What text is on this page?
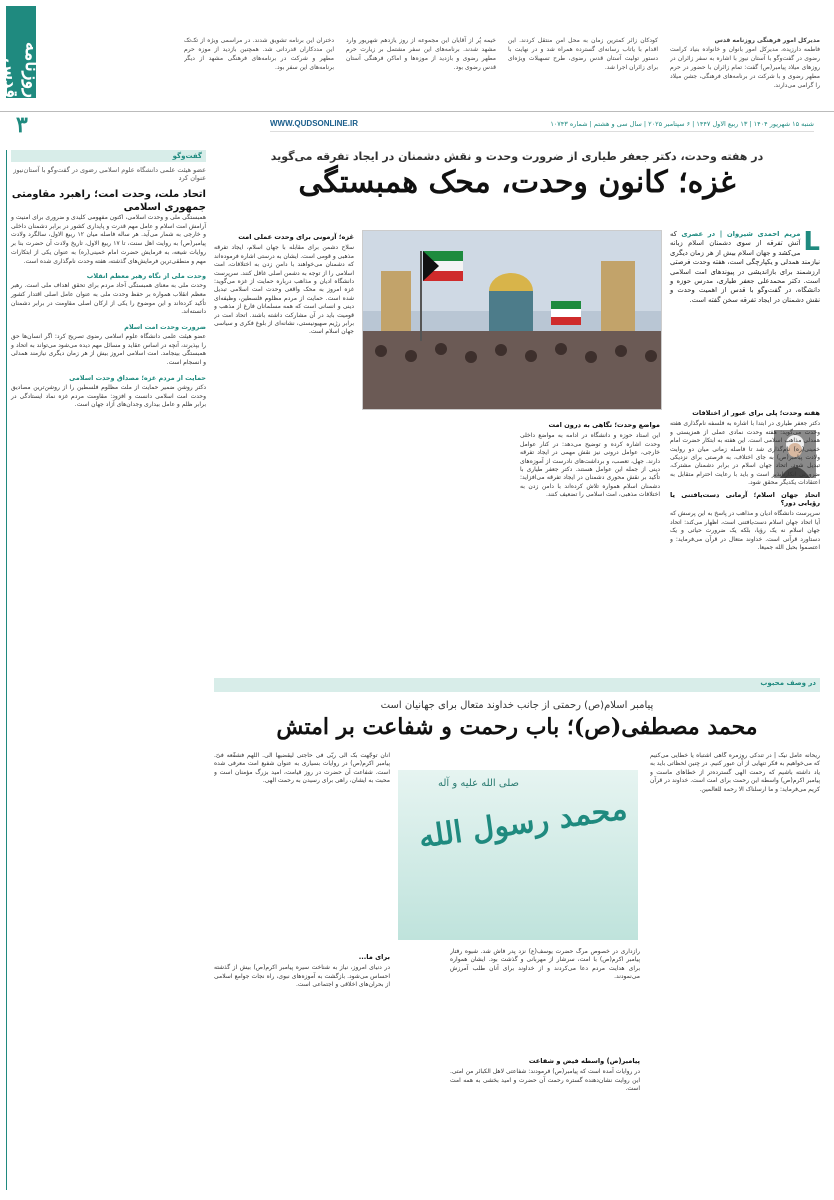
روزنامه قدس
مدیرکل امور فرهنگی روزنامه قدس
فاطمه دارزیده، مدیرکل امور بانوان و خانواده بنیاد کرامت رضوی در گفت‌وگو با آستان نیوز با اشاره به سفر زائران در روزهای میلاد پیامبر(ص) گفت: تمام زائران با حضور در حرم مطهر رضوی و با شرکت در برنامه‌های فرهنگی، جشن میلاد را گرامی می‌دارند.
کودکان زائر کمترین زمان به محل امن منتقل کردند. این اقدام با یاتاب رسانه‌ای گسترده همراه شد و در نهایت با دستور تولیت آستان قدس رضوی، طرح تسهیلات ویژه‌ای برای زائران اجرا شد.
خیمه پُر از آقایان این مجموعه از روز یازدهم شهریور وارد مشهد شدند. برنامه‌های این سفر مشتمل بر زیارت حرم مطهر رضوی و بازدید از موزه‌ها و اماکن فرهنگی آستان قدس رضوی بود.
دختران این برنامه تشویق شدند. در مراسمی ویژه از تک‌تک این مددکاران قدردانی شد. همچنین بازدید از موزه حرم مطهر و شرکت در برنامه‌های فرهنگی مشهد از دیگر برنامه‌های این سفر بود.
۳	شنبه ۱۵ شهریور ۱۴۰۴ | ۱۳ ربیع الاول ۱۴۴۷ | ۶ سپتامبر ۲۰۲۵ | سال سی و هشتم | شماره ۱۰۷۴۳
WWW.QUDSONLINE.IR
گفت‌وگو
عضو هیئت علمی دانشگاه علوم اسلامی رضوی در گفت‌وگو با آستان‌نیوز عنوان کرد
اتحاد ملت، وحدت امت؛ راهبرد مقاومتی جمهوری اسلامی

همبستگی ملی و وحدت اسلامی، اکنون مفهومی کلیدی و ضروری برای امنیت و آرامش امت اسلام و عامل مهم قدرت و پایداری کشور در برابر دشمنان داخلی و خارجی به شمار می‌آید. هر ساله فاصله میان ۱۲ ربیع الاول، سالگرد ولادت پیامبر(ص) به روایت اهل سنت، تا ۱۷ ربیع الاول، تاریخ ولادت آن حضرت بنا بر روایات شیعه، به فرمایش حضرت امام خمینی(ره) به عنوان یکی از ابتکارات مهم و منطقی‌ترین فرمایش‌های گذشته، هفته وحدت نام‌گذاری شده است.

وحدت ملی از نگاه رهبر معظم انقلاب

وحدت ملی به معنای همبستگی آحاد مردم برای تحقق اهداف ملی است. رهبر معظم انقلاب همواره بر حفظ وحدت ملی به عنوان عامل اصلی اقتدار کشور تأکید کرده‌اند و این موضوع را یکی از ارکان اصلی مقاومت در برابر دشمنان دانسته‌اند.

ضرورت وحدت امت اسلام

عضو هیئت علمی دانشگاه علوم اسلامی رضوی تصریح کرد: اگر انسان‌ها حق را بپذیرند، آنچه در اساس عقاید و مسائل مهم دیده می‌شود می‌تواند به اتحاد و همبستگی بینجامد. امت اسلامی امروز بیش از هر زمان دیگری نیازمند همدلی و انسجام است.

حمایت از مردم غزه؛ مصداق وحدت اسلامی

دکتر روشن ضمیر حمایت از ملت مظلوم فلسطین را از روشن‌ترین مصادیق وحدت امت اسلامی دانست و افزود: مقاومت مردم غزه نماد ایستادگی در برابر ظلم و عامل بیداری وجدان‌های آزاد جهان است.

در هفته وحدت، دکتر جعفر طیاری از ضرورت وحدت و نقش دشمنان در ایجاد تفرقه می‌گوید
غزه؛ کانون وحدت، محک همبستگی
L
مریم احمدی شیروان | در عصری که آتش تفرقه از سوی دشمنان اسلام زبانه می‌کشد و جهان اسلام بیش از هر زمان دیگری نیازمند همدلی و یکپارچگی است، هفته وحدت فرصتی ارزشمند برای بازاندیشی در پیوندهای امت اسلامی است. دکتر محمدعلی جعفر طیاری، مدرس حوزه و دانشگاه، در گفت‌وگو با قدس از اهمیت وحدت و نقش دشمنان در ایجاد تفرقه سخن گفته است.
هفته وحدت؛ پلی برای عبور از اختلافات

دکتر جعفر طیاری در ابتدا با اشاره به فلسفه نام‌گذاری هفته وحدت می‌گوید: هفته وحدت نمادی عملی از همزیستی و همدلی مذاهب اسلامی است. این هفته به ابتکار حضرت امام خمینی(ره) نام‌گذاری شد تا فاصله زمانی میان دو روایت ولادت پیامبر(ص) به جای اختلاف، به فرصتی برای نزدیکی تبدیل شود. اتحاد جهان اسلام در برابر دشمنان مشترک، ضرورتی انکارناپذیر است و باید با رعایت احترام متقابل به اعتقادات یکدیگر محقق شود.

اتحاد جهان اسلام؛ آرمانی دست‌یافتنی یا رؤیایی دور؟

سرپرست دانشگاه ادیان و مذاهب در پاسخ به این پرسش که آیا اتحاد جهان اسلام دست‌یافتنی است، اظهار می‌کند: اتحاد جهان اسلام نه یک رؤیا، بلکه یک ضرورت حیاتی و یک دستاورد قرآنی است. خداوند متعال در قرآن می‌فرماید: و اعتصموا بحبل الله جمیعا.

مواضع وحدت؛ نگاهی به درون امت

این استاد حوزه و دانشگاه در ادامه به مواضع داخلی وحدت اشاره کرده و توضیح می‌دهد: در کنار عوامل خارجی، عوامل درونی نیز نقش مهمی در ایجاد تفرقه دارند. جهل، تعصب، و برداشت‌های نادرست از آموزه‌های دینی از جمله این عوامل هستند. دکتر جعفر طیاری با تأکید بر نقش محوری دشمنان در ایجاد تفرقه می‌افزاید: دشمنان اسلام همواره تلاش کرده‌اند با دامن زدن به اختلافات مذهبی، امت اسلامی را تضعیف کنند.

غزه؛ آزمونی برای وحدت عملی امت

سلاح دشمن برای مقابله با جهان اسلام، ایجاد تفرقه مذهبی و قومی است. ایشان به درستی اشاره فرموده‌اند که دشمنان می‌خواهند با دامن زدن به اختلافات، امت اسلامی را از توجه به دشمن اصلی غافل کنند. سرپرست دانشگاه ادیان و مذاهب درباره حمایت از غزه می‌گوید: غزه امروز به محک واقعی وحدت امت اسلامی تبدیل شده است. حمایت از مردم مظلوم فلسطین، وظیفه‌ای دینی و انسانی است که همه مسلمانان فارغ از مذهب و قومیت باید در آن مشارکت داشته باشند. اتحاد امت در برابر رژیم صهیونیستی، نشانه‌ای از بلوغ فکری و سیاسی جهان اسلام است.

در وصف محبوب
پیامبر اسلام(ص) رحمتی از جانب خداوند متعال برای جهانیان است
محمد مصطفی(ص)؛ باب رحمت و شفاعت بر امتش
صلی الله علیه و آله
محمد رسول الله
ریحانه عامل نیک | در تندکی روزمره گاهی اشتباه یا خطایی می‌کنیم که می‌خواهیم به فکر تنهایی از آن عبور کنیم. در چنین لحظاتی باید به یاد داشته باشیم که رحمت الهی گسترده‌تر از خطاهای ماست و پیامبر اکرم(ص) واسطه این رحمت برای امت است. خداوند در قرآن کریم می‌فرماید: و ما ارسلناک الا رحمة للعالمین.
آنان توجّهت بک الی ربّی فی حاجتی لیقضیها الی. اللهم فشفّعه فیّ. پیامبر اکرم(ص) در روایات بسیاری به عنوان شفیع امت معرفی شده است. شفاعت آن حضرت در روز قیامت، امید بزرگ مؤمنان است و محبت به ایشان، راهی برای رسیدن به رحمت الهی.
رازداری در خصوص مرگ حضرت یوسف(ع) نزد پدر فاش شد. شیوه رفتار پیامبر اکرم(ص) با امت، سرشار از مهربانی و گذشت بود. ایشان همواره برای هدایت مردم دعا می‌کردند و از خداوند برای آنان طلب آمرزش می‌نمودند.
برای ما...

در دنیای امروز، نیاز به شناخت سیره پیامبر اکرم(ص) بیش از گذشته احساس می‌شود. بازگشت به آموزه‌های نبوی، راه نجات جوامع اسلامی از بحران‌های اخلاقی و اجتماعی است.

پیامبر(ص) واسطه فیض و شفاعت

در روایات آمده است که پیامبر(ص) فرمودند: شفاعتی لاهل الکبائر من امتی. این روایت نشان‌دهنده گستره رحمت آن حضرت و امید بخشی به همه امت است.
